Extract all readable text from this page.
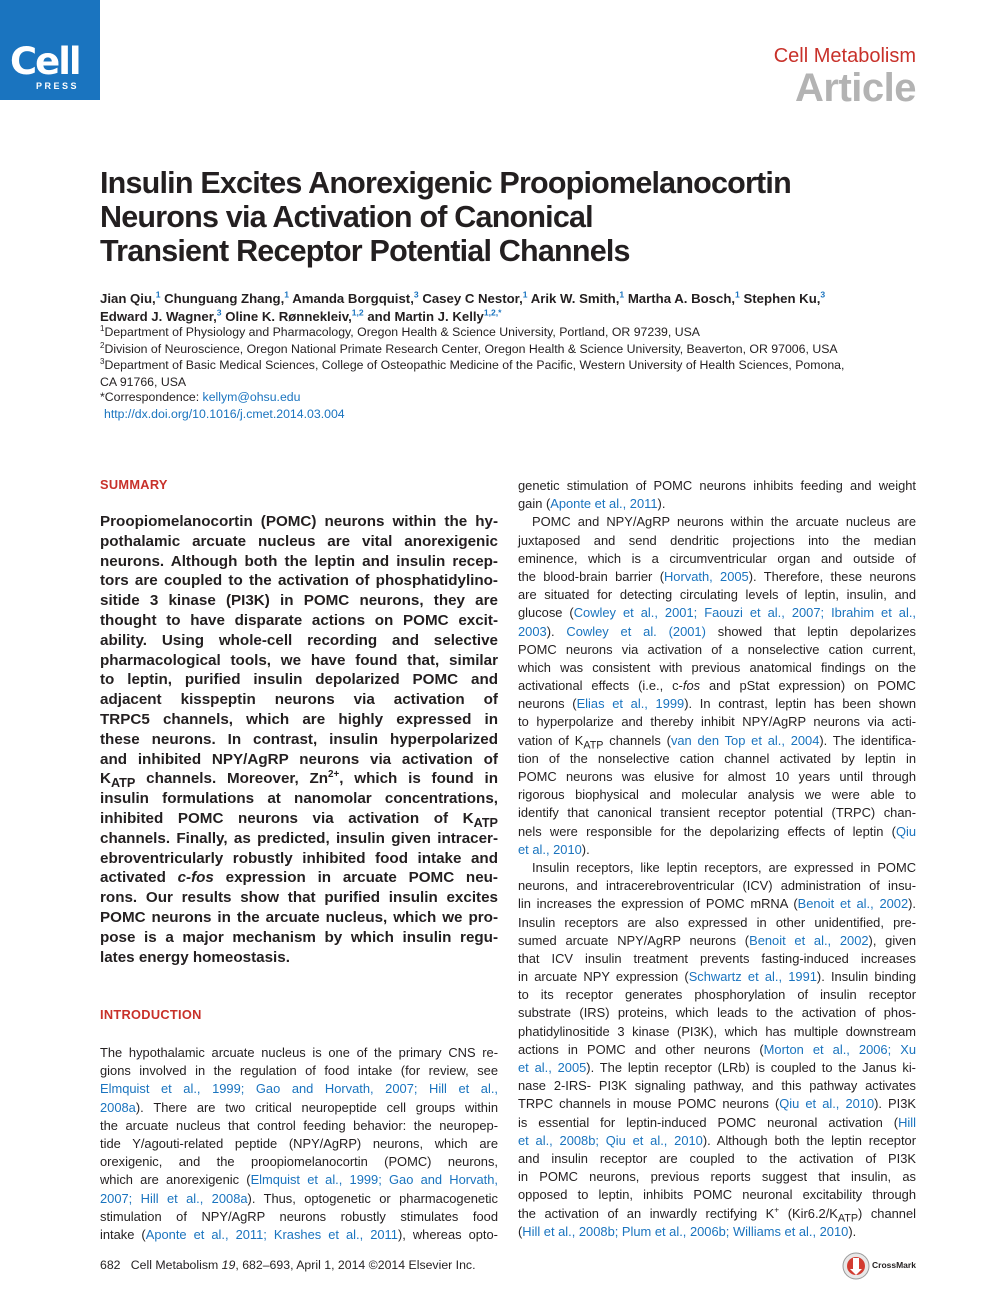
Cell
PRESS
Cell Metabolism
Article
Insulin Excites Anorexigenic Proopiomelanocortin
Neurons via Activation of Canonical
Transient Receptor Potential Channels
Jian Qiu,$^1$ Chunguang Zhang,$^1$ Amanda Borgquist,$^3$ Casey C Nestor,$^1$ Arik W. Smith,$^1$ Martha A. Bosch,$^1$ Stephen Ku,$^3$
Edward J. Wagner,$^3$ Oline K. Rønnekleiv,$^{1,2}$ and Martin J. Kelly$^{1,2,*}$
$^1$Department of Physiology and Pharmacology, Oregon Health & Science University, Portland, OR 97239, USA
$^2$Division of Neuroscience, Oregon National Primate Research Center, Oregon Health & Science University, Beaverton, OR 97006, USA
$^3$Department of Basic Medical Sciences, College of Osteopathic Medicine of the Pacific, Western University of Health Sciences, Pomona,
CA 91766, USA
*Correspondence: kellym@ohsu.edu
http://dx.doi.org/10.1016/j.cmet.2014.03.004
SUMMARY
Proopiomelanocortin (POMC) neurons within the hy-
pothalamic arcuate nucleus are vital anorexigenic
neurons. Although both the leptin and insulin recep-
tors are coupled to the activation of phosphatidylino-
sitide 3 kinase (PI3K) in POMC neurons, they are
thought to have disparate actions on POMC excit-
ability. Using whole-cell recording and selective
pharmacological tools, we have found that, similar
to leptin, purified insulin depolarized POMC and
adjacent kisspeptin neurons via activation of
TRPC5 channels, which are highly expressed in
these neurons. In contrast, insulin hyperpolarized
and inhibited NPY/AgRP neurons via activation of
$K_{ATP}$ channels. Moreover, $Zn^{2+}$, which is found in
insulin formulations at nanomolar concentrations,
inhibited POMC neurons via activation of $K_{ATP}$
channels. Finally, as predicted, insulin given intracer-
ebroventricularly robustly inhibited food intake and
activated c-fos expression in arcuate POMC neu-
rons. Our results show that purified insulin excites
POMC neurons in the arcuate nucleus, which we pro-
pose is a major mechanism by which insulin regu-
lates energy homeostasis.
INTRODUCTION
The hypothalamic arcuate nucleus is one of the primary CNS re-
gions involved in the regulation of food intake (for review, see
Elmquist et al., 1999; Gao and Horvath, 2007; Hill et al.,
2008a). There are two critical neuropeptide cell groups within
the arcuate nucleus that control feeding behavior: the neuropep-
tide Y/agouti-related peptide (NPY/AgRP) neurons, which are
orexigenic, and the proopiomelanocortin (POMC) neurons,
which are anorexigenic (Elmquist et al., 1999; Gao and Horvath,
2007; Hill et al., 2008a). Thus, optogenetic or pharmacogenetic
stimulation of NPY/AgRP neurons robustly stimulates food
intake (Aponte et al., 2011; Krashes et al., 2011), whereas opto-
genetic stimulation of POMC neurons inhibits feeding and weight
gain (Aponte et al., 2011).
POMC and NPY/AgRP neurons within the arcuate nucleus are
juxtaposed and send dendritic projections into the median
eminence, which is a circumventricular organ and outside of
the blood-brain barrier (Horvath, 2005). Therefore, these neurons
are situated for detecting circulating levels of leptin, insulin, and
glucose (Cowley et al., 2001; Faouzi et al., 2007; Ibrahim et al.,
2003). Cowley et al. (2001) showed that leptin depolarizes
POMC neurons via activation of a nonselective cation current,
which was consistent with previous anatomical findings on the
activational effects (i.e., c-fos and pStat expression) on POMC
neurons (Elias et al., 1999). In contrast, leptin has been shown
to hyperpolarize and thereby inhibit NPY/AgRP neurons via acti-
vation of $K_{ATP}$ channels (van den Top et al., 2004). The identifica-
tion of the nonselective cation channel activated by leptin in
POMC neurons was elusive for almost 10 years until through
rigorous biophysical and molecular analysis we were able to
identify that canonical transient receptor potential (TRPC) chan-
nels were responsible for the depolarizing effects of leptin (Qiu
et al., 2010).
Insulin receptors, like leptin receptors, are expressed in POMC
neurons, and intracerebroventricular (ICV) administration of insu-
lin increases the expression of POMC mRNA (Benoit et al., 2002).
Insulin receptors are also expressed in other unidentified, pre-
sumed arcuate NPY/AgRP neurons (Benoit et al., 2002), given
that ICV insulin treatment prevents fasting-induced increases
in arcuate NPY expression (Schwartz et al., 1991). Insulin binding
to its receptor generates phosphorylation of insulin receptor
substrate (IRS) proteins, which leads to the activation of phos-
phatidylinositide 3 kinase (PI3K), which has multiple downstream
actions in POMC and other neurons (Morton et al., 2006; Xu
et al., 2005). The leptin receptor (LRb) is coupled to the Janus ki-
nase 2-IRS- PI3K signaling pathway, and this pathway activates
TRPC channels in mouse POMC neurons (Qiu et al., 2010). PI3K
is essential for leptin-induced POMC neuronal activation (Hill
et al., 2008b; Qiu et al., 2010). Although both the leptin receptor
and insulin receptor are coupled to the activation of PI3K
in POMC neurons, previous reports suggest that insulin, as
opposed to leptin, inhibits POMC neuronal excitability through
the activation of an inwardly rectifying K+ $(Kir6.2/K_{ATP})$ channel
(Hill et al., 2008b; Plum et al., 2006b; Williams et al., 2010).
682 Cell Metabolism 19, 682–693, April 1, 2014 ©2014 Elsevier Inc.	CrossMark
